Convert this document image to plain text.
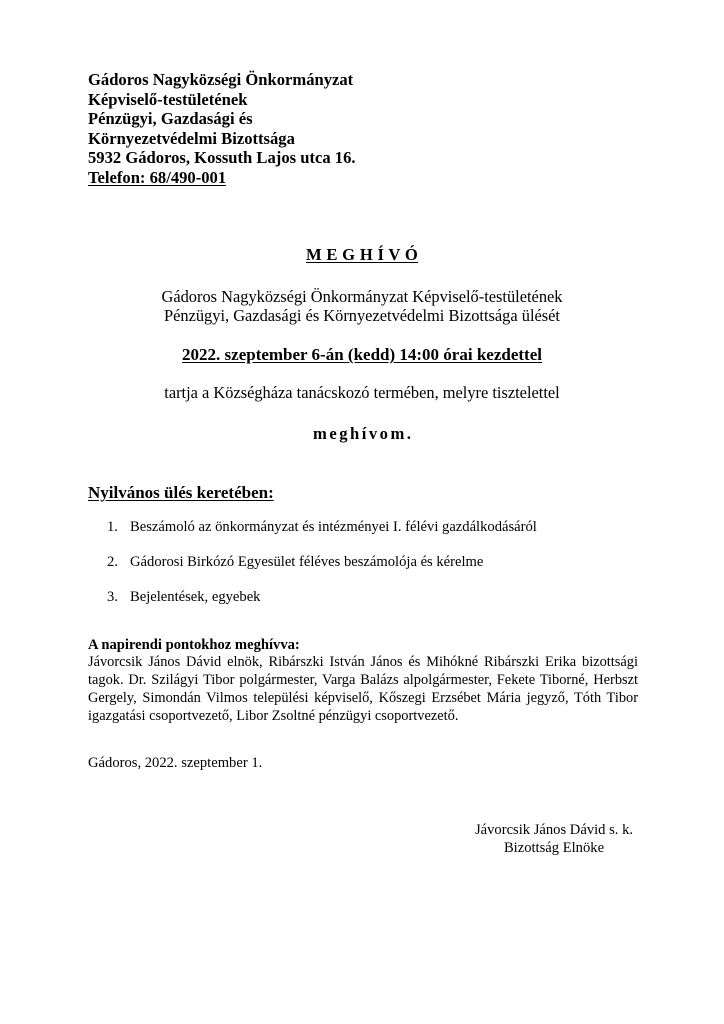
Gádoros Nagyközségi Önkormányzat
Képviselő-testületének
Pénzügyi, Gazdasági és
Környezetvédelmi Bizottsága
5932 Gádoros, Kossuth Lajos utca 16.
Telefon: 68/490-001
M E G H Í V Ó
Gádoros Nagyközségi Önkormányzat Képviselő-testületének
Pénzügyi, Gazdasági és Környezetvédelmi Bizottsága ülését
2022. szeptember 6-án (kedd) 14:00 órai kezdettel
tartja a Községháza tanácskozó termében, melyre tisztelettel
meghívom.
Nyilvános ülés keretében:
1. Beszámoló az önkormányzat és intézményei I. félévi gazdálkodásáról
2. Gádorosi Birkózó Egyesület féléves beszámolója és kérelme
3. Bejelentések, egyebek
A napirendi pontokhoz meghívva:
Jávorcsik János Dávid elnök, Ribárszki István János és Mihókné Ribárszki Erika bizottsági
tagok. Dr. Szilágyi Tibor polgármester, Varga Balázs alpolgármester, Fekete Tiborné, Herbszt
Gergely, Simondán Vilmos települési képviselő, Kőszegi Erzsébet Mária jegyző, Tóth Tibor
igazgatási csoportvezető, Libor Zsoltné pénzügyi csoportvezető.
Gádoros, 2022. szeptember 1.
Jávorcsik János Dávid s. k.
Bizottság Elnöke
